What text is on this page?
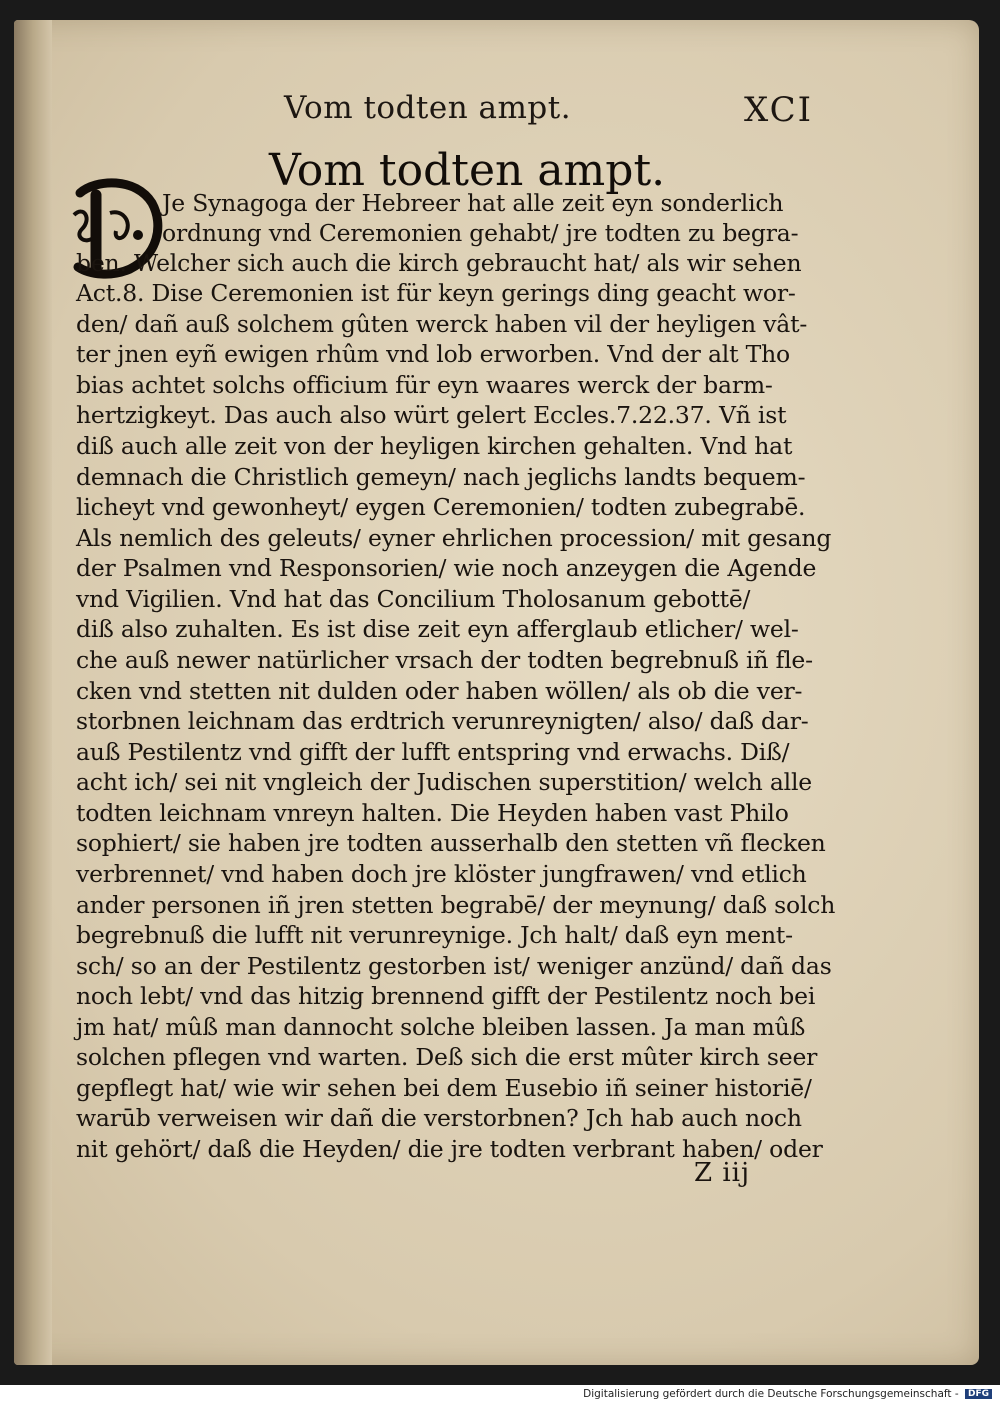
Vom todten ampt.	XCI
Vom todten ampt.
Je Synagoga der Hebreer hat alle zeit eyn sonderlich
ordnung vnd Ceremonien gehabt/ jre todten zu begra-
ben. Welcher sich auch die kirch gebraucht hat/ als wir sehen
Act.8. Dise Ceremonien ist für keyn gerings ding geacht wor-
den/ dañ auß solchem gûten werck haben vil der heyligen vât-
ter jnen eyñ ewigen rhûm vnd lob erworben. Vnd der alt Tho
bias achtet solchs officium für eyn waares werck der barm-
hertzigkeyt. Das auch also würt gelert Eccles.7.22.37. Vñ ist
diß auch alle zeit von der heyligen kirchen gehalten. Vnd hat
demnach die Christlich gemeyn/ nach jeglichs landts bequem-
licheyt vnd gewonheyt/ eygen Ceremonien/ todten zubegrabē.
Als nemlich des geleuts/ eyner ehrlichen procession/ mit gesang
der Psalmen vnd Responsorien/ wie noch anzeygen die Agende
vnd Vigilien. Vnd hat das Concilium Tholosanum gebottē/
diß also zuhalten. Es ist dise zeit eyn afferglaub etlicher/ wel-
che auß newer natürlicher vrsach der todten begrebnuß iñ fle-
cken vnd stetten nit dulden oder haben wöllen/ als ob die ver-
storbnen leichnam das erdtrich verunreynigten/ also/ daß dar-
auß Pestilentz vnd gifft der lufft entspring vnd erwachs. Diß/
acht ich/ sei nit vngleich der Judischen superstition/ welch alle
todten leichnam vnreyn halten. Die Heyden haben vast Philo
sophiert/ sie haben jre todten ausserhalb den stetten vñ flecken
verbrennet/ vnd haben doch jre klöster jungfrawen/ vnd etlich
ander personen iñ jren stetten begrabē/ der meynung/ daß solch
begrebnuß die lufft nit verunreynige. Jch halt/ daß eyn ment-
sch/ so an der Pestilentz gestorben ist/ weniger anzünd/ dañ das
noch lebt/ vnd das hitzig brennend gifft der Pestilentz noch bei
jm hat/ mûß man dannocht solche bleiben lassen. Ja man mûß
solchen pflegen vnd warten. Deß sich die erst mûter kirch seer
gepflegt hat/ wie wir sehen bei dem Eusebio iñ seiner historiē/
warūb verweisen wir dañ die verstorbnen? Jch hab auch noch
nit gehört/ daß die Heyden/ die jre todten verbrant haben/ oder
Z iij
Digitalisierung gefördert durch die Deutsche Forschungsgemeinschaft - DFG
